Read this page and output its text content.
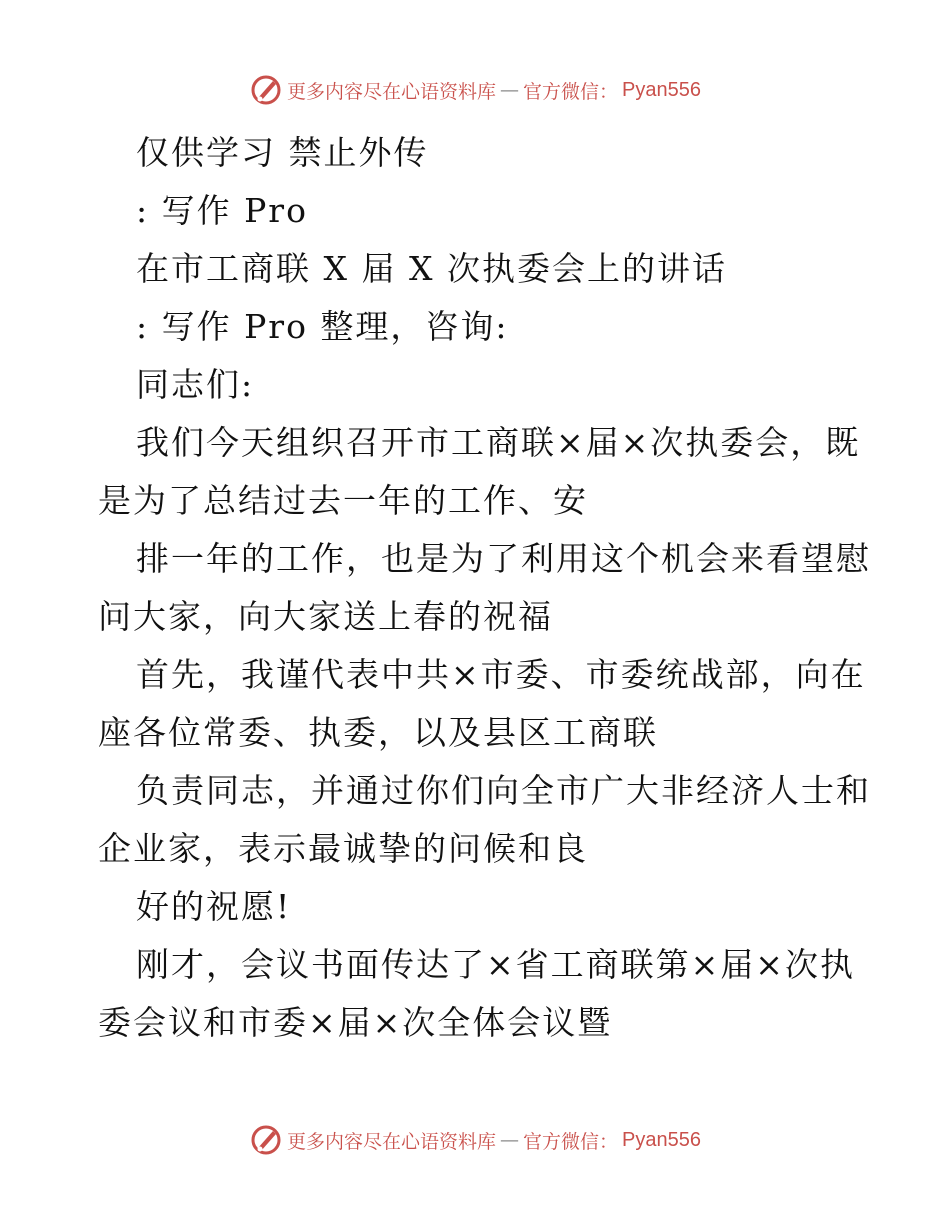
更多内容尽在心语资料库 — 官方微信： Pyan556

仅供学习 禁止外传

: 写作 Pro

在市工商联 X 届 X 次执委会上的讲话

: 写作 Pro 整理，咨询:

同志们:

我们今天组织召开市工商联×届×次执委会，既

是为了总结过去一年的工作、安

排一年的工作，也是为了利用这个机会来看望慰

问大家，向大家送上春的祝福

首先，我谨代表中共×市委、市委统战部，向在

座各位常委、执委，以及县区工商联

负责同志，并通过你们向全市广大非经济人士和

企业家，表示最诚挚的问候和良

好的祝愿!

刚才，会议书面传达了×省工商联第×届×次执

委会议和市委×届×次全体会议暨

更多内容尽在心语资料库 — 官方微信： Pyan556
